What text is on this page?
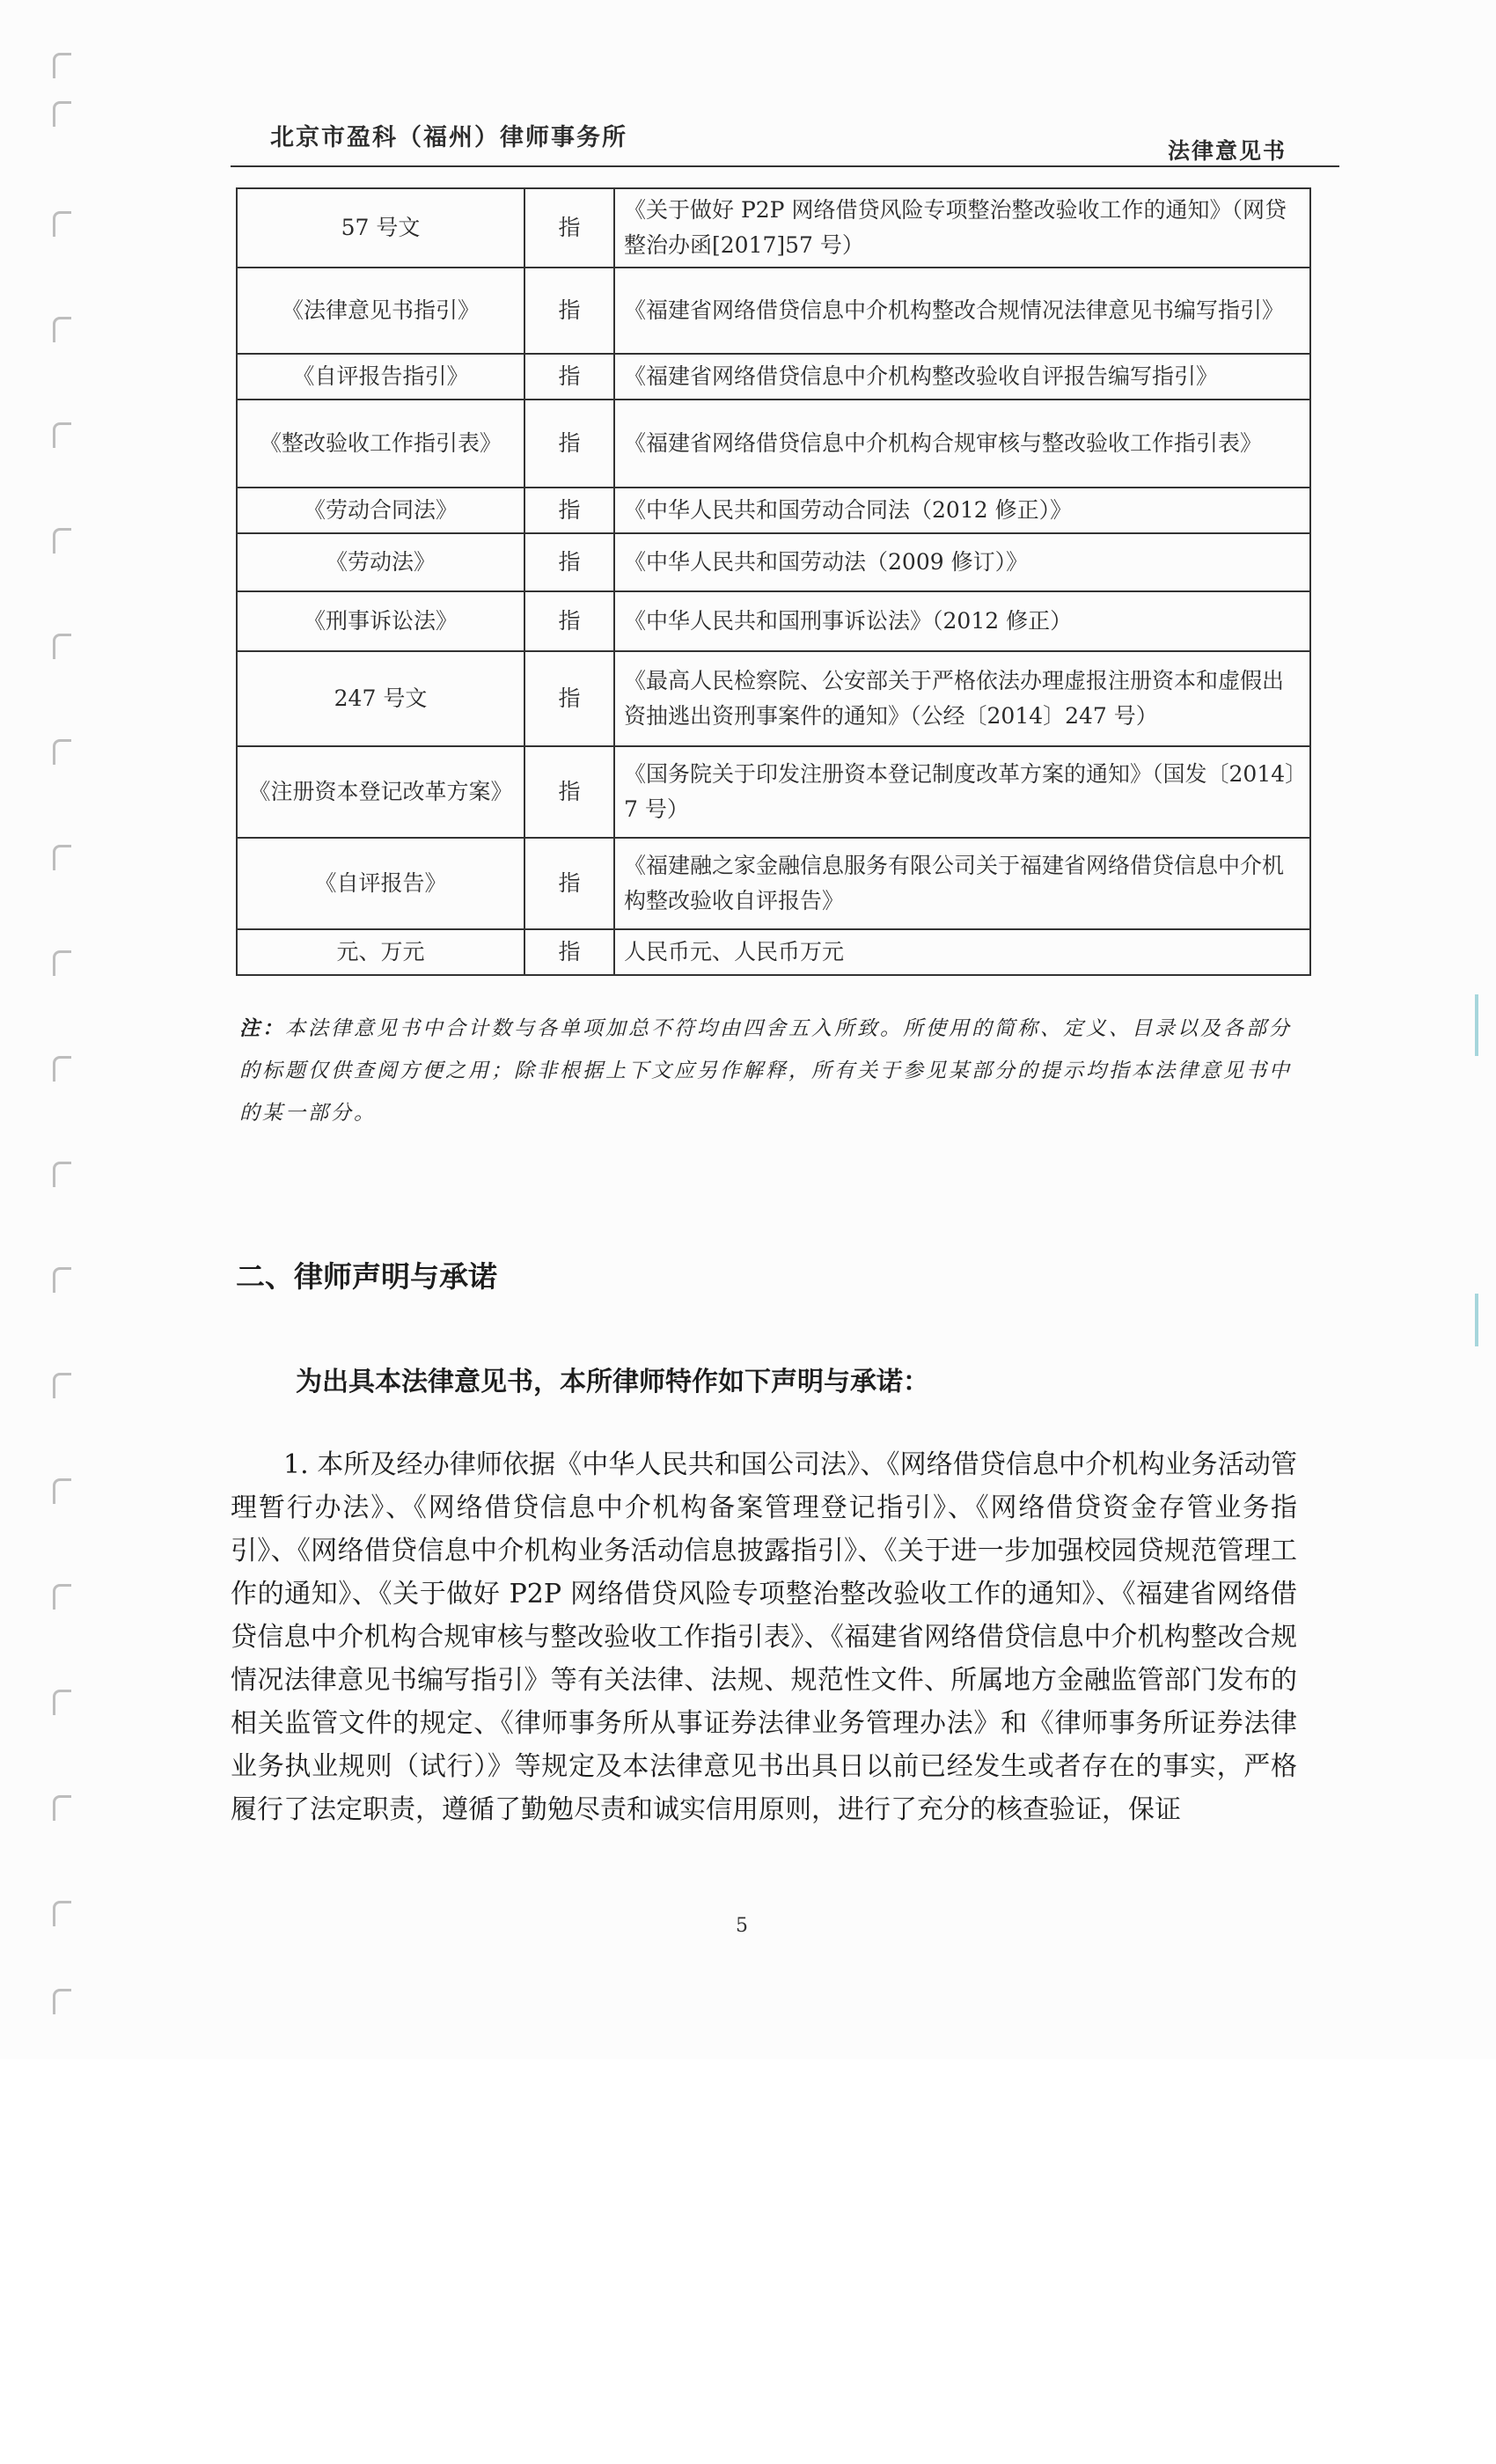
北京市盈科（福州）律师事务所	法律意见书
57 号文	指	《关于做好 P2P 网络借贷风险专项整治整改验收工作的通知》（网贷整治办函[2017]57 号）
《法律意见书指引》	指	《福建省网络借贷信息中介机构整改合规情况法律意见书编写指引》
《自评报告指引》	指	《福建省网络借贷信息中介机构整改验收自评报告编写指引》
《整改验收工作指引表》	指	《福建省网络借贷信息中介机构合规审核与整改验收工作指引表》
《劳动合同法》	指	《中华人民共和国劳动合同法（2012 修正）》
《劳动法》	指	《中华人民共和国劳动法（2009 修订）》
《刑事诉讼法》	指	《中华人民共和国刑事诉讼法》（2012 修正）
247 号文	指	《最高人民检察院、公安部关于严格依法办理虚报注册资本和虚假出资抽逃出资刑事案件的通知》（公经〔2014〕247 号）
《注册资本登记改革方案》	指	《国务院关于印发注册资本登记制度改革方案的通知》（国发〔2014〕7 号）
《自评报告》	指	《福建融之家金融信息服务有限公司关于福建省网络借贷信息中介机构整改验收自评报告》
元、万元	指	人民币元、人民币万元
注：本法律意见书中合计数与各单项加总不符均由四舍五入所致。所使用的简称、定义、目录以及各部分的标题仅供查阅方便之用；除非根据上下文应另作解释，所有关于参见某部分的提示均指本法律意见书中的某一部分。
二、律师声明与承诺
为出具本法律意见书，本所律师特作如下声明与承诺：
1. 本所及经办律师依据《中华人民共和国公司法》、《网络借贷信息中介机构业务活动管理暂行办法》、《网络借贷信息中介机构备案管理登记指引》、《网络借贷资金存管业务指引》、《网络借贷信息中介机构业务活动信息披露指引》、《关于进一步加强校园贷规范管理工作的通知》、《关于做好 P2P 网络借贷风险专项整治整改验收工作的通知》、《福建省网络借贷信息中介机构合规审核与整改验收工作指引表》、《福建省网络借贷信息中介机构整改合规情况法律意见书编写指引》等有关法律、法规、规范性文件、所属地方金融监管部门发布的相关监管文件的规定、《律师事务所从事证券法律业务管理办法》和《律师事务所证券法律业务执业规则（试行）》等规定及本法律意见书出具日以前已经发生或者存在的事实，严格履行了法定职责，遵循了勤勉尽责和诚实信用原则，进行了充分的核查验证，保证
5
